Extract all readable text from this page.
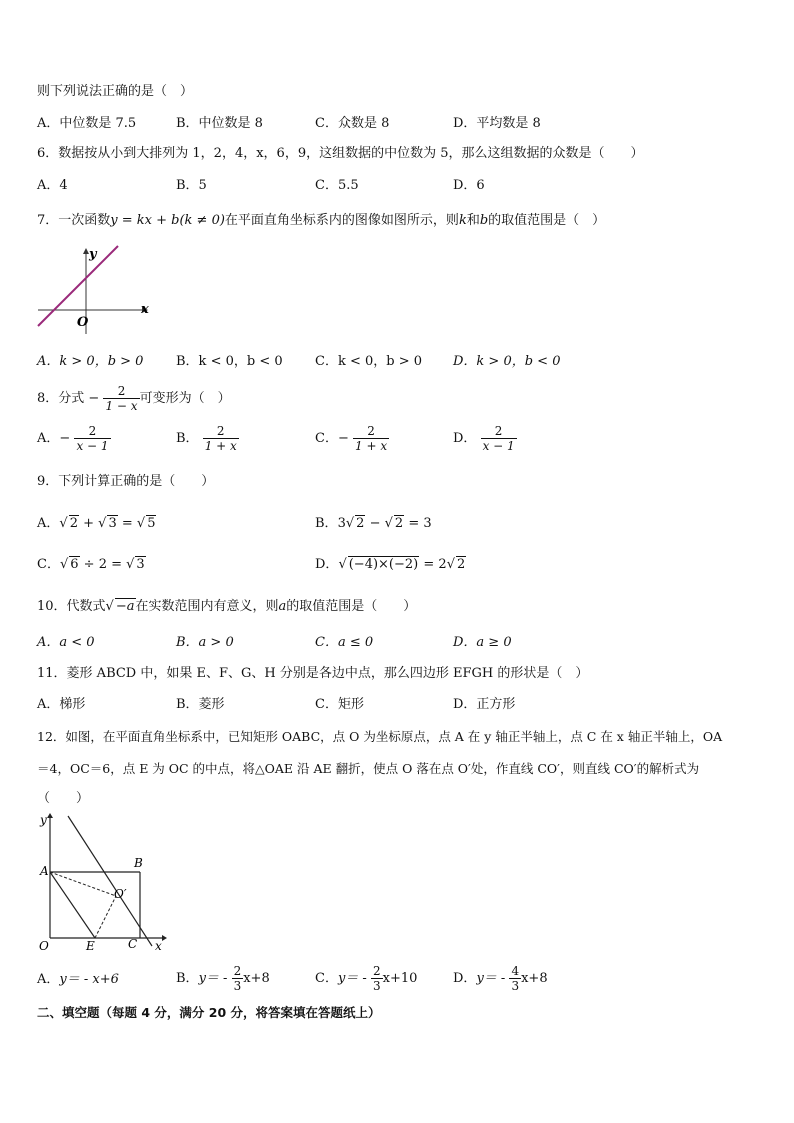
则下列说法正确的是（　）
A．中位数是 7.5	B．中位数是 8	C．众数是 8	D．平均数是 8
6．数据按从小到大排列为 1，2，4，x，6，9，这组数据的中位数为 5，那么这组数据的众数是（　　）
A．4	B．5	C．5.5	D．6
7．一次函数y = kx + b(k ≠ 0)在平面直角坐标系内的图像如图所示，则k和b的取值范围是（　）
x
y
O
A．k > 0，b > 0	B．k < 0，b < 0 C．k < 0，b > 0 D．k > 0，b < 0
8．分式 − $\frac{2}{1 - x}$ 可变形为（　）
A．− $\frac{2}{x - 1}$	B． $\frac{2}{1 + x}$	C．− $\frac{2}{1 + x}$	D． $\frac{2}{x - 1}$
9．下列计算正确的是（　　）
A．√ 2 + √ 3 = √ 5	B．3√ 2 − √ 2 = 3
C．√ 6 ÷ 2 = √ 3	D．√ (−4)×(−2) = 2√ 2
10．代数式√ −a在实数范围内有意义，则a的取值范围是（　　）
A．a < 0	B．a > 0	C．a ≤ 0	D．a ≥ 0
11．菱形 ABCD 中，如果 E、F、G、H 分别是各边中点，那么四边形 EFGH 的形状是（　）
A．梯形	B．菱形	C．矩形	D．正方形
12．如图，在平面直角坐标系中，已知矩形 OABC，点 O 为坐标原点，点 A 在 y 轴正半轴上，点 C 在 x 轴正半轴上，OA
＝4，OC＝6，点 E 为 OC 的中点，将△OAE 沿 AE 翻折，使点 O 落在点 O′处，作直线 CO′，则直线 CO′的解析式为
（　　）
y
x
A
B
O	E	C
O′
A．y＝ - x+6	B．$y= - \frac{2}{3} x+8$	C．$y= - \frac{2}{3} x+10$	D．$y= - \frac{4}{3} x+8$
二、填空题（每题 4 分，满分 20 分，将答案填在答题纸上）
